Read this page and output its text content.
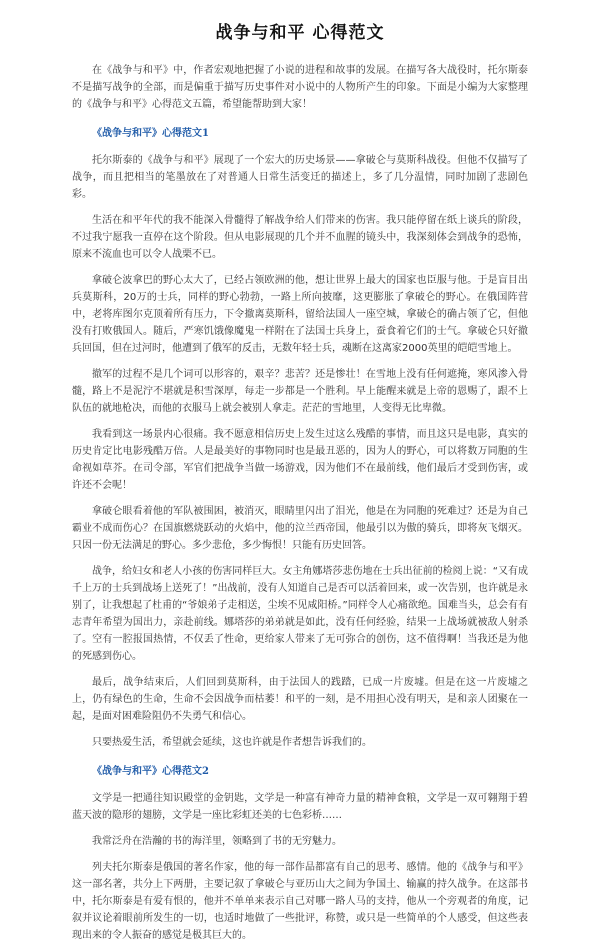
战争与和平 心得范文

在《战争与和平》中，作者宏观地把握了小说的进程和故事的发展。在描写各大战役时，托尔斯泰不是描写战争的全部，而是偏重于描写历史事件对小说中的人物所产生的印象。下面是小编为大家整理的《战争与和平》心得范文五篇，希望能帮助到大家！

《战争与和平》心得范文1

托尔斯泰的《战争与和平》展现了一个宏大的历史场景——拿破仑与莫斯科战役。但他不仅描写了战争，而且把相当的笔墨放在了对普通人日常生活变迁的描述上，多了几分温情，同时加剧了悲剧色彩。

生活在和平年代的我不能深入骨髓得了解战争给人们带来的伤害。我只能停留在纸上谈兵的阶段，不过我宁愿我一直停在这个阶段。但从电影展现的几个并不血腥的镜头中，我深刻体会到战争的恐怖，原来不流血也可以令人战栗不已。

拿破仑波拿巴的野心太大了，已经占领欧洲的他，想让世界上最大的国家也臣服与他。于是盲目出兵莫斯科，20万的士兵，同样的野心勃勃，一路上所向披靡，这更膨胀了拿破仑的野心。在俄国阵营中，老将库图尔克顶着所有压力，下令撤离莫斯科，留给法国人一座空城，拿破仑的确占领了它，但他没有打败俄国人。随后，严寒饥饿像魔鬼一样附在了法国士兵身上，蚕食着它们的士气。拿破仑只好撤兵回国，但在过河时，他遭到了俄军的反击，无数年轻士兵，魂断在这离家2000英里的皑皑雪地上。

撤军的过程不是几个词可以形容的，艰辛？悲苦？还是惨壮！在雪地上没有任何遮掩，寒风渗入骨髓，路上不是泥泞不堪就是积雪深厚，每走一步都是一个胜利。早上能醒来就是上帝的恩赐了，跟不上队伍的就地枪决，而他的衣服马上就会被别人拿走。茫茫的雪地里，人变得无比卑微。

我看到这一场景内心很痛。我不愿意相信历史上发生过这么残酷的事情，而且这只是电影，真实的历史肯定比电影残酷万倍。人是最美好的事物同时也是最丑恶的，因为人的野心，可以将数万同胞的生命视如草芥。在司令部，军官们把战争当做一场游戏，因为他们不在最前线，他们最后才受到伤害，或许还不会呢！

拿破仑眼看着他的军队被围困，被消灭，眼睛里闪出了泪光，他是在为同胞的死难过？还是为自己霸业不成而伤心？在国旗燃烧跃动的火焰中，他的泣兰西帝国，他最引以为傲的骑兵，即将灰飞烟灭。只因一份无法满足的野心。多少悲伧，多少悔恨！只能有历史回答。

战争，给妇女和老人小孩的伤害同样巨大。女主角娜塔莎悲伤地在士兵出征前的检阅上说：“又有成千上万的士兵到战场上送死了！”出战前，没有人知道自己是否可以活着回来，或一次告别，也许就是永别了，让我想起了杜甫的“爷娘弟子走相送，尘埃不见咸阳桥。”同样令人心痛欲绝。国难当头，总会有有志青年希望为国出力，亲赴前线。娜塔莎的弟弟就是如此，没有任何经验，结果一上战场就被敌人射杀了。空有一腔报国热情，不仅丢了性命，更给家人带来了无可弥合的创伤，这不值得啊！当我还是为他的死感到伤心。

最后，战争结束后，人们回到莫斯科，由于法国人的践踏，已成一片废墟。但是在这一片废墟之上，仍有绿色的生命，生命不会因战争而枯萎！和平的一刻，是不用担心没有明天，是和亲人团聚在一起，是面对困难险阻仍不失勇气和信心。

只要热爱生活，希望就会延续，这也许就是作者想告诉我们的。

《战争与和平》心得范文2

文学是一把通往知识殿堂的金钥匙，文学是一种富有神奇力量的精神食粮，文学是一双可翱翔于碧蓝天波的隐形的翅膀，文学是一座比彩虹还美的七色彩桥……

我常泛舟在浩瀚的书的海洋里，领略到了书的无穷魅力。

列夫托尔斯泰是俄国的著名作家，他的每一部作品都富有自己的思考、感情。他的《战争与和平》这一部名著，共分上下两册，主要记叙了拿破仑与亚历山大之间为争国土、输赢的持久战争。在这部书中，托尔斯泰是有爱有恨的，他并不单单来表示自己对哪一路人马的支持，他从一个旁观者的角度，记叙并议论着眼前所发生的一切，也适时地做了一些批评，称赞，或只是一些简单的个人感受，但这些表现出来的令人振奋的感觉是极其巨大的。
